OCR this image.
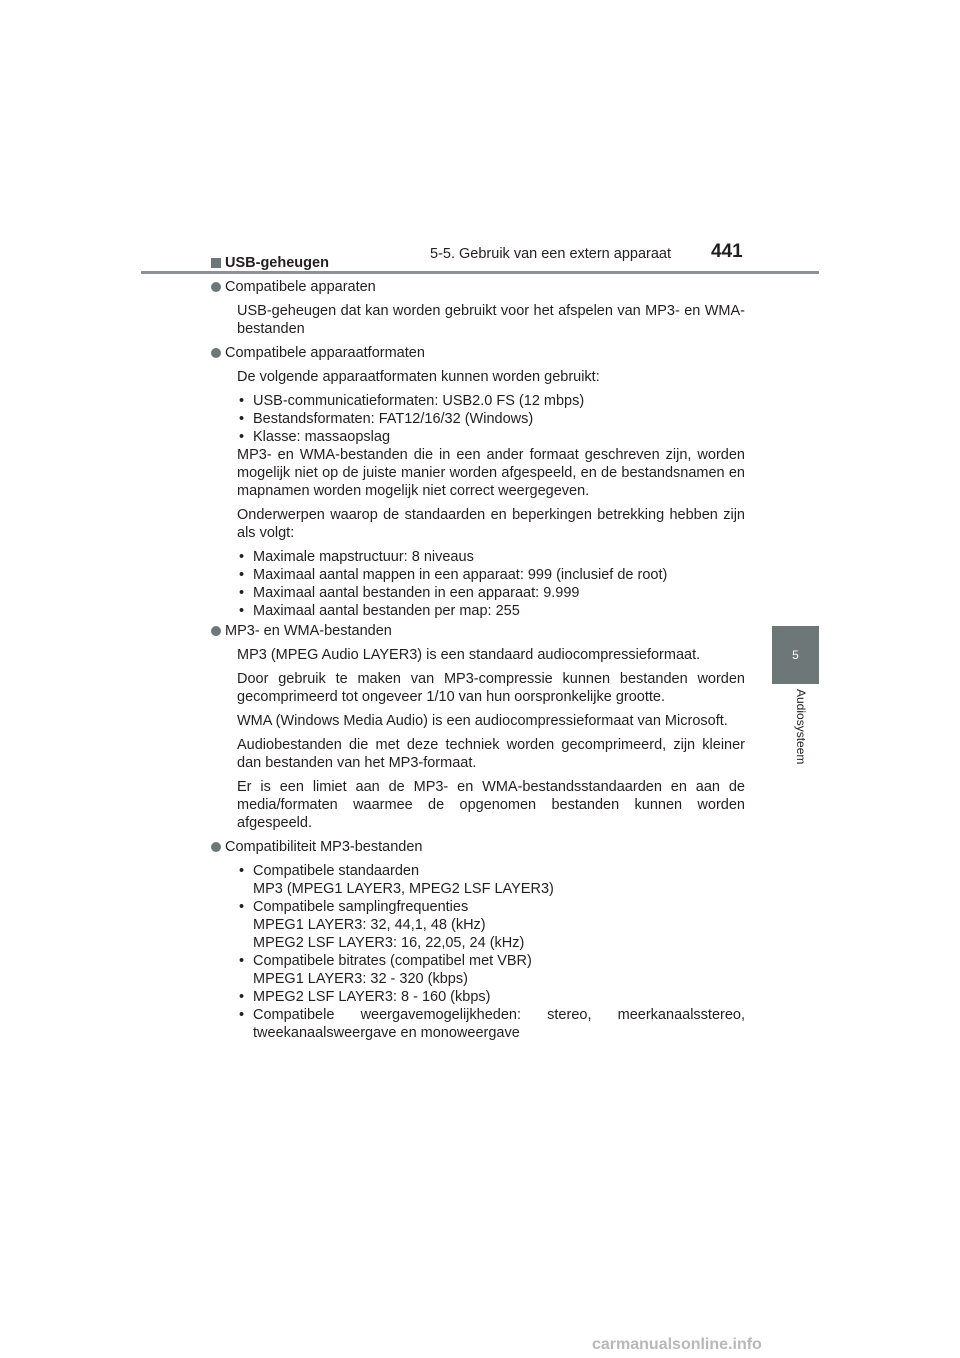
5-5. Gebruik van een extern apparaat 441
5
Audiosysteem
USB-geheugen
Compatibele apparaten
USB-geheugen dat kan worden gebruikt voor het afspelen van MP3- en WMA-bestanden
Compatibele apparaatformaten
De volgende apparaatformaten kunnen worden gebruikt:
• USB-communicatieformaten: USB2.0 FS (12 mbps)
• Bestandsformaten: FAT12/16/32 (Windows)
• Klasse: massaopslag
MP3- en WMA-bestanden die in een ander formaat geschreven zijn, worden mogelijk niet op de juiste manier worden afgespeeld, en de bestandsnamen en mapnamen worden mogelijk niet correct weergegeven.
Onderwerpen waarop de standaarden en beperkingen betrekking hebben zijn als volgt:
• Maximale mapstructuur: 8 niveaus
• Maximaal aantal mappen in een apparaat: 999 (inclusief de root)
• Maximaal aantal bestanden in een apparaat: 9.999
• Maximaal aantal bestanden per map: 255
MP3- en WMA-bestanden
MP3 (MPEG Audio LAYER3) is een standaard audiocompressieformaat.
Door gebruik te maken van MP3-compressie kunnen bestanden worden gecomprimeerd tot ongeveer 1/10 van hun oorspronkelijke grootte.
WMA (Windows Media Audio) is een audiocompressieformaat van Microsoft.
Audiobestanden die met deze techniek worden gecomprimeerd, zijn kleiner dan bestanden van het MP3-formaat.
Er is een limiet aan de MP3- en WMA-bestandsstandaarden en aan de media/formaten waarmee de opgenomen bestanden kunnen worden afgespeeld.
Compatibiliteit MP3-bestanden
• Compatibele standaarden
MP3 (MPEG1 LAYER3, MPEG2 LSF LAYER3)
• Compatibele samplingfrequenties
MPEG1 LAYER3: 32, 44,1, 48 (kHz)
MPEG2 LSF LAYER3: 16, 22,05, 24 (kHz)
• Compatibele bitrates (compatibel met VBR)
MPEG1 LAYER3: 32 - 320 (kbps)
• MPEG2 LSF LAYER3: 8 - 160 (kbps)
• Compatibele weergavemogelijkheden: stereo, meerkanaalsstereo,
tweekanaalsweergave en monoweergave
carmanualsonline.info
